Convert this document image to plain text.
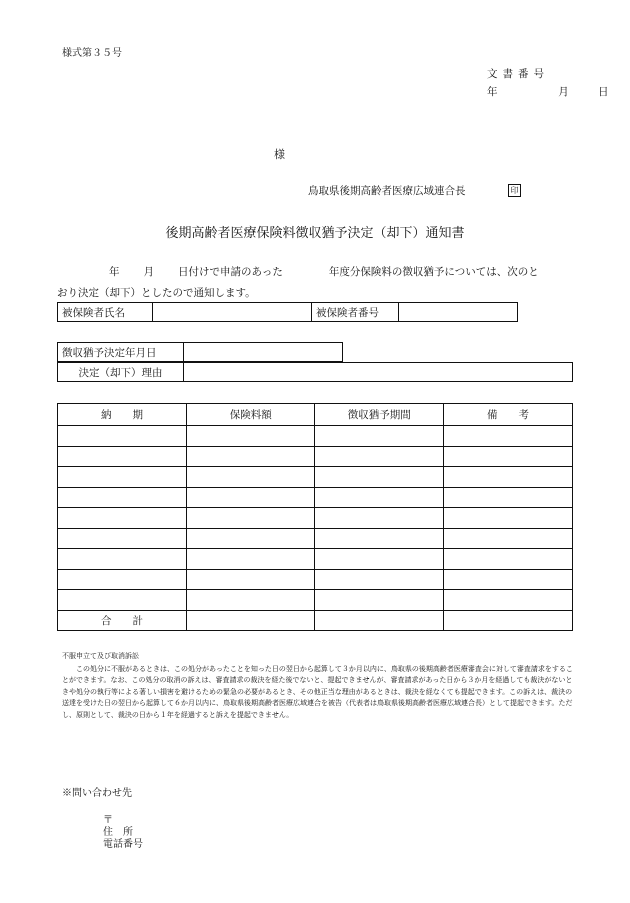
様式第３５号
文書番号
年	月	日
様
鳥取県後期高齢者医療広域連合長	印
後期高齢者医療保険料徴収猶予決定（却下）通知書
年 月 日付けで申請のあった	年度分保険料の徴収猶予については、次のと
おり決定（却下）としたので通知します。
被保険者氏名		被保険者番号	
徴収猶予決定年月日	
決定（却下）理由	
納　　期	保険料額	徴収猶予期間	備　　考

合　　計			
不服申立て及び取消訴訟

この処分に不服があるときは、この処分があったことを知った日の翌日から起算して３か月以内に、鳥取県の後期高齢者医療審査会に対して審査請求をすることができます。なお、この処分の取消の訴えは、審査請求の裁決を経た後でないと、提起できませんが、審査請求があった日から３か月を経過しても裁決がないときや処分の執行等による著しい損害を避けるための緊急の必要があるとき、その他正当な理由があるときは、裁決を経なくても提起できます。この訴えは、裁決の送達を受けた日の翌日から起算して６か月以内に、鳥取県後期高齢者医療広域連合を被告（代表者は鳥取県後期高齢者医療広域連合長）として提起できます。ただし、原則として、裁決の日から１年を経過すると訴えを提起できません。

※問い合わせ先
〒
住　所
電話番号
